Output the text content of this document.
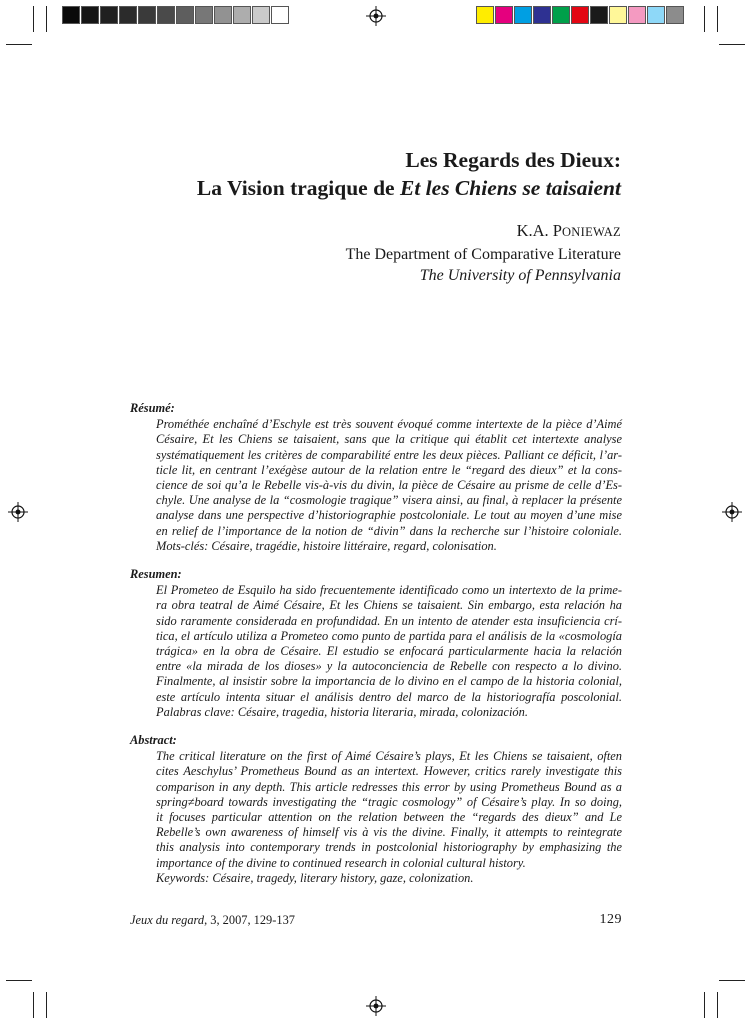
Les Regards des Dieux:

La Vision tragique de Et les Chiens se taisaient

K.A. PONIEWAZ
The Department of Comparative Literature
The University of Pennsylvania

Résumé:

Prométhée enchaîné d’Eschyle est très souvent évoqué comme intertexte de la pièce d’Aimé
Césaire, Et les Chiens se taisaient, sans que la critique qui établit cet intertexte analyse
systématiquement les critères de comparabilité entre les deux pièces. Palliant ce déficit, l’ar-
ticle lit, en centrant l’exégèse autour de la relation entre le “regard des dieux” et la cons-
cience de soi qu’a le Rebelle vis-à-vis du divin, la pièce de Césaire au prisme de celle d’Es-
chyle. Une analyse de la “cosmologie tragique” visera ainsi, au final, à replacer la présente
analyse dans une perspective d’historiographie postcoloniale. Le tout au moyen d’une mise
en relief de l’importance de la notion de “divin” dans la recherche sur l’histoire coloniale.
Mots-clés: Césaire, tragédie, histoire littéraire, regard, colonisation.

Resumen:

El Prometeo de Esquilo ha sido frecuentemente identificado como un intertexto de la prime-
ra obra teatral de Aimé Césaire, Et les Chiens se taisaient. Sin embargo, esta relación ha
sido raramente considerada en profundidad. En un intento de atender esta insuficiencia crí-
tica, el artículo utiliza a Prometeo como punto de partida para el análisis de la «cosmología
trágica» en la obra de Césaire. El estudio se enfocará particularmente hacia la relación
entre «la mirada de los dioses» y la autoconciencia de Rebelle con respecto a lo divino.
Finalmente, al insistir sobre la importancia de lo divino en el campo de la historia colonial,
este artículo intenta situar el análisis dentro del marco de la historiografía poscolonial.
Palabras clave: Césaire, tragedia, historia literaria, mirada, colonización.

Abstract:

The critical literature on the first of Aimé Césaire’s plays, Et les Chiens se taisaient, often
cites Aeschylus’ Prometheus Bound as an intertext. However, critics rarely investigate this
comparison in any depth. This article redresses this error by using Prometheus Bound as a
spring≠board towards investigating the “tragic cosmology” of Césaire’s play. In so doing,
it focuses particular attention on the relation between the “regards des dieux” and Le
Rebelle’s own awareness of himself vis à vis the divine. Finally, it attempts to reintegrate
this analysis into contemporary trends in postcolonial historiography by emphasizing the
importance of the divine to continued research in colonial cultural history.
Keywords: Césaire, tragedy, literary history, gaze, colonization.
Jeux du regard, 3, 2007, 129-137	129
